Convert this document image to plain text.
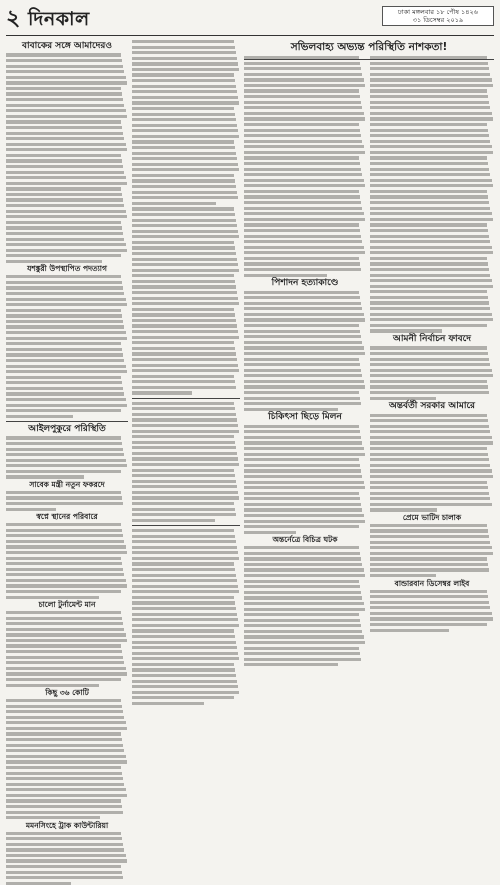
২ দিনকাল	ঢাকা মঙ্গলবার ১৮ পৌষ ১৪২৬
৩১ ডিসেম্বর ২০১৯
সভিলবাহ্য অভ্যন্ত পরিস্থিতি নাশকতা!
বাবাকের সঙ্গে আমাদেরও
যশঙ্কুরী উপস্থাপিত পদত্যাগ
আইলপুকুরে পরিস্থিতি
সাবেক মন্ত্রী নতুন ফকরদে
স্বপ্নে স্থানের পরিবারে
চালো টুর্নামেন্ট মান
কিছু ৩৬ কোটি
মমনসিংহে ট্রাক কাউন্টারিয়া
পিশাদন হত্যাকাণ্ডে
চিকিৎসা ছিড়ে মিলন
অন্তর্নেত্রে বিচিত্র ঘটক
আমনী নির্বাচন ফাবদে
অন্তর্বর্তী সরকার আমারে
প্রেমে ভাটিদ চালাক
বান্ডারবান ডিসেম্বর লাইব
